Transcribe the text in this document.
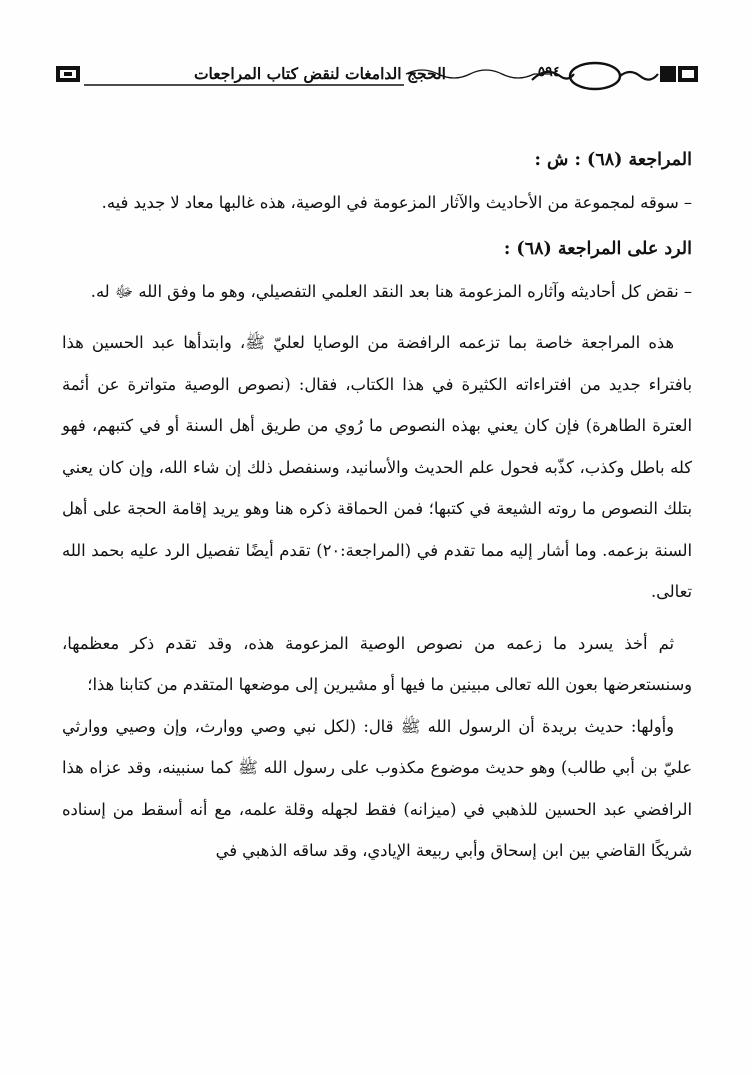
الحجج الدامغات لنقض كتاب المراجعات	٥٩٤

المراجعة (٦٨) : ش :

– سوقه لمجموعة من الأحاديث والآثار المزعومة في الوصية، هذه غالبها معاد لا جديد فيه.

الرد على المراجعة (٦٨) :

– نقض كل أحاديثه وآثاره المزعومة هنا بعد النقد العلمي التفصيلي، وهو ما وفق الله ﷻ له.

هذه المراجعة خاصة بما تزعمه الرافضة من الوصايا لعليّ ﷺ، وابتدأها عبد الحسين هذا بافتراء جديد من افتراءاته الكثيرة في هذا الكتاب، فقال: (نصوص الوصية متواترة عن أئمة العترة الطاهرة) فإن كان يعني بهذه النصوص ما رُوي من طريق أهل السنة أو في كتبهم، فهو كله باطل وكذب، كذّبه فحول علم الحديث والأسانيد، وسنفصل ذلك إن شاء الله، وإن كان يعني بتلك النصوص ما روته الشيعة في كتبها؛ فمن الحماقة ذكره هنا وهو يريد إقامة الحجة على أهل السنة بزعمه. وما أشار إليه مما تقدم في (المراجعة:٢٠) تقدم أيضًا تفصيل الرد عليه بحمد الله تعالى.

ثم أخذ يسرد ما زعمه من نصوص الوصية المزعومة هذه، وقد تقدم ذكر معظمها، وسنستعرضها بعون الله تعالى مبينين ما فيها أو مشيرين إلى موضعها المتقدم من كتابنا هذا؛

وأولها: حديث بريدة أن الرسول الله ﷺ قال: (لكل نبي وصي ووارث، وإن وصيي ووارثي عليّ بن أبي طالب) وهو حديث موضوع مكذوب على رسول الله ﷺ كما سنبينه، وقد عزاه هذا الرافضي عبد الحسين للذهبي في (ميزانه) فقط لجهله وقلة علمه، مع أنه أسقط من إسناده شريكًا القاضي بين ابن إسحاق وأبي ربيعة الإيادي، وقد ساقه الذهبي في
